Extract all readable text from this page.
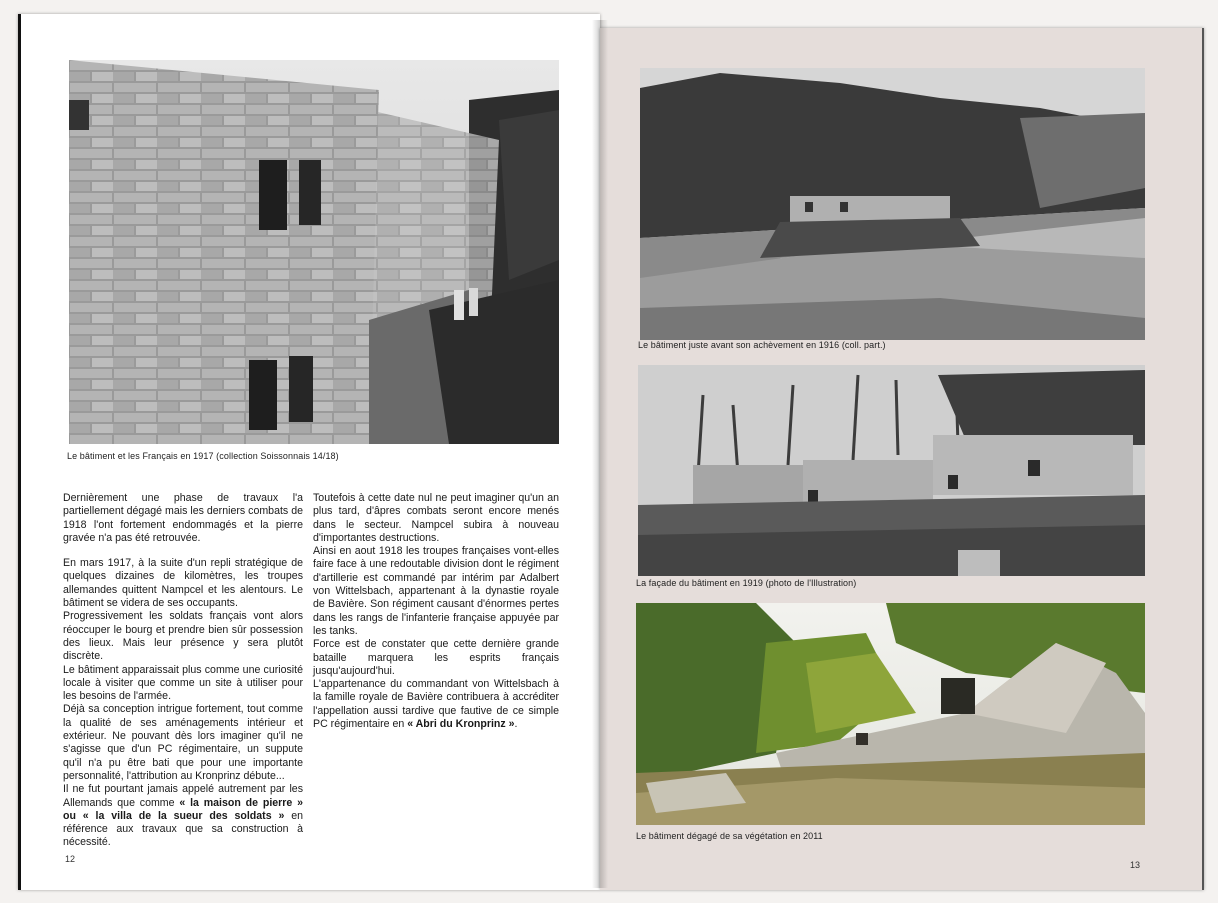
Le bâtiment et les Français en 1917 (collection Soissonnais 14/18)

Dernièrement une phase de travaux l'a partiellement dégagé mais les derniers combats de 1918 l'ont fortement endommagés et la pierre gravée n'a pas été retrouvée.

En mars 1917, à la suite d'un repli stratégique de quelques dizaines de kilomètres, les troupes allemandes quittent Nampcel et les alentours. Le bâtiment se videra de ses occupants.

Progressivement les soldats français vont alors réoccuper le bourg et prendre bien sûr possession des lieux. Mais leur présence y sera plutôt discrète.

Le bâtiment apparaissait plus comme une curiosité locale à visiter que comme un site à utiliser pour les besoins de l'armée.

Déjà sa conception intrigue fortement, tout comme la qualité de ses aménagements intérieur et extérieur. Ne pouvant dès lors imaginer qu'il ne s'agisse que d'un PC régimentaire, un suppute qu'il n'a pu être bati que pour une importante personnalité, l'attribution au Kronprinz débute...

Il ne fut pourtant jamais appelé autrement par les Allemands que comme « la maison de pierre » ou « la villa de la sueur des soldats » en référence aux travaux que sa construction à nécessité.

Toutefois à cette date nul ne peut imaginer qu'un an plus tard, d'âpres combats seront encore menés dans le secteur. Nampcel subira à nouveau d'importantes destructions.

Ainsi en aout 1918 les troupes françaises vont-elles faire face à une redoutable division dont le régiment d'artillerie est commandé par intérim par Adalbert von Wittelsbach, appartenant à la dynastie royale de Bavière. Son régiment causant d'énormes pertes dans les rangs de l'infanterie française appuyée par les tanks.

Force est de constater que cette dernière grande bataille marquera les esprits français jusqu'aujourd'hui.

L'appartenance du commandant von Wittelsbach à la famille royale de Bavière contribuera à accréditer l'appellation aussi tardive que fautive de ce simple PC régimentaire en « Abri du Kronprinz ».

12
Le bâtiment juste avant son achèvement en 1916 (coll. part.)
La façade du bâtiment en 1919 (photo de l'Illustration)
Le bâtiment dégagé de sa végétation en 2011
13
